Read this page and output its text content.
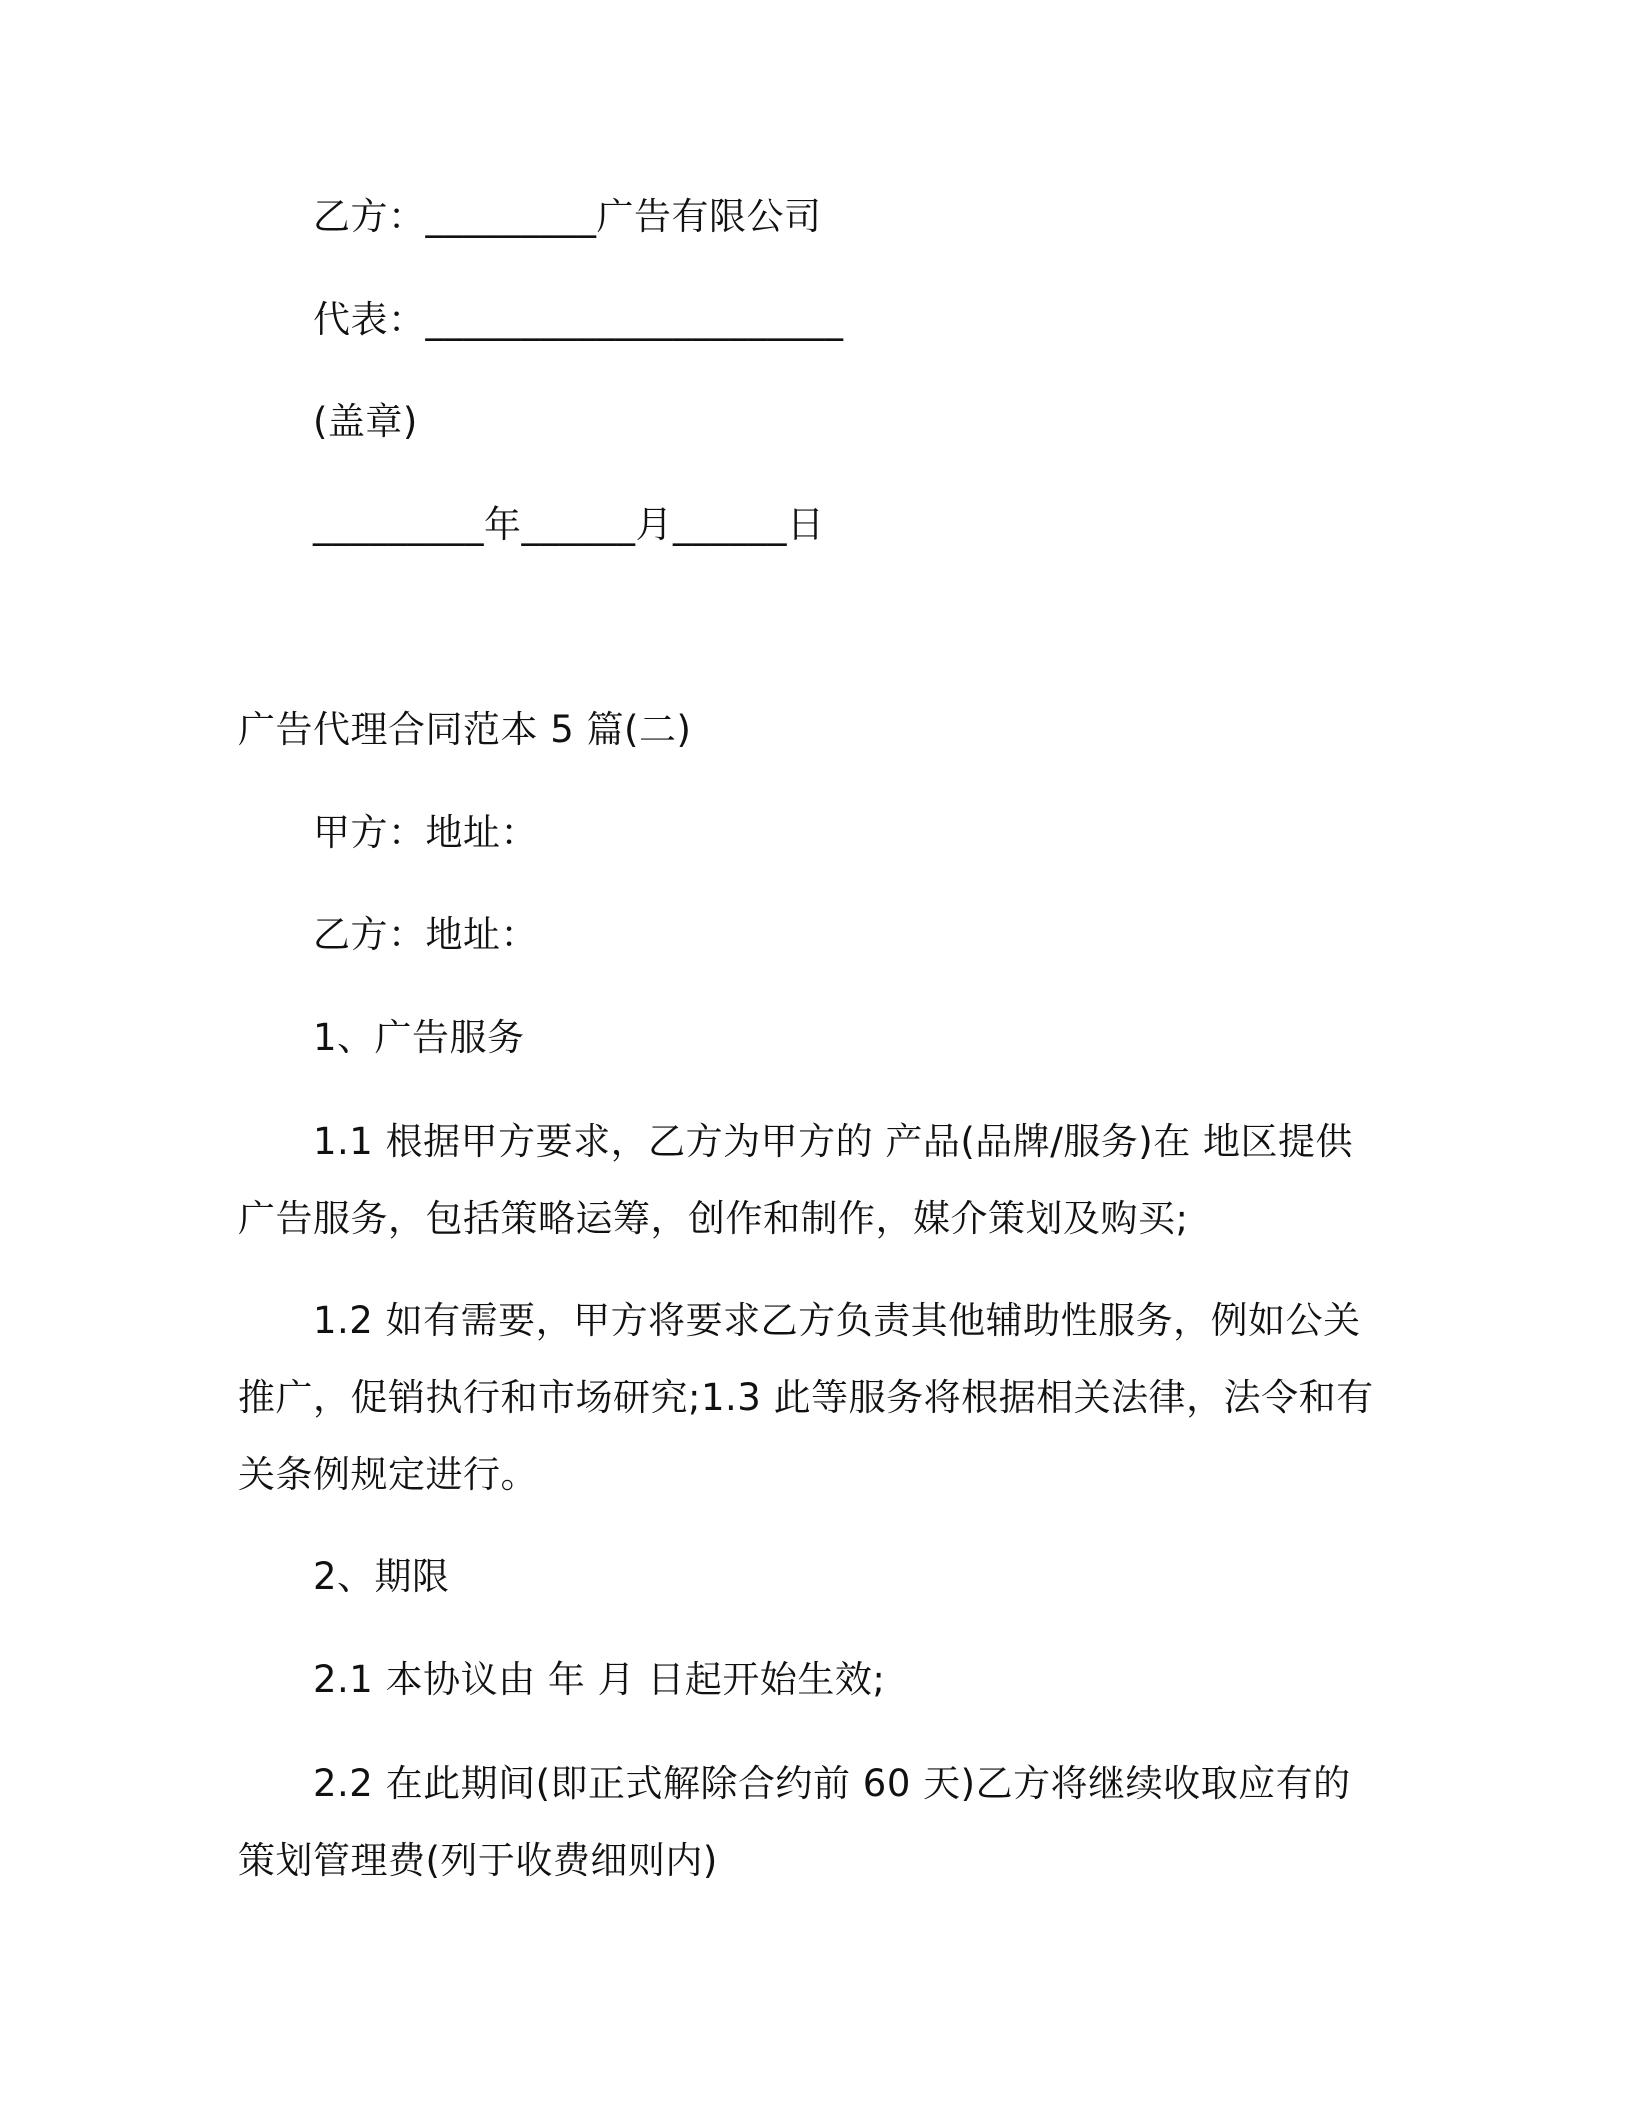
乙方：_________广告有限公司
代表：______________________
(盖章)
_________年______月______日
广告代理合同范本 5 篇(二)
甲方：地址：
乙方：地址：
1、广告服务
1.1 根据甲方要求，乙方为甲方的 产品(品牌/服务)在 地区提供广告服务，包括策略运筹，创作和制作，媒介策划及购买;
1.2 如有需要，甲方将要求乙方负责其他辅助性服务，例如公关推广，促销执行和市场研究;1.3 此等服务将根据相关法律，法令和有关条例规定进行。
2、期限
2.1 本协议由 年 月 日起开始生效;
2.2 在此期间(即正式解除合约前 60 天)乙方将继续收取应有的策划管理费(列于收费细则内)
